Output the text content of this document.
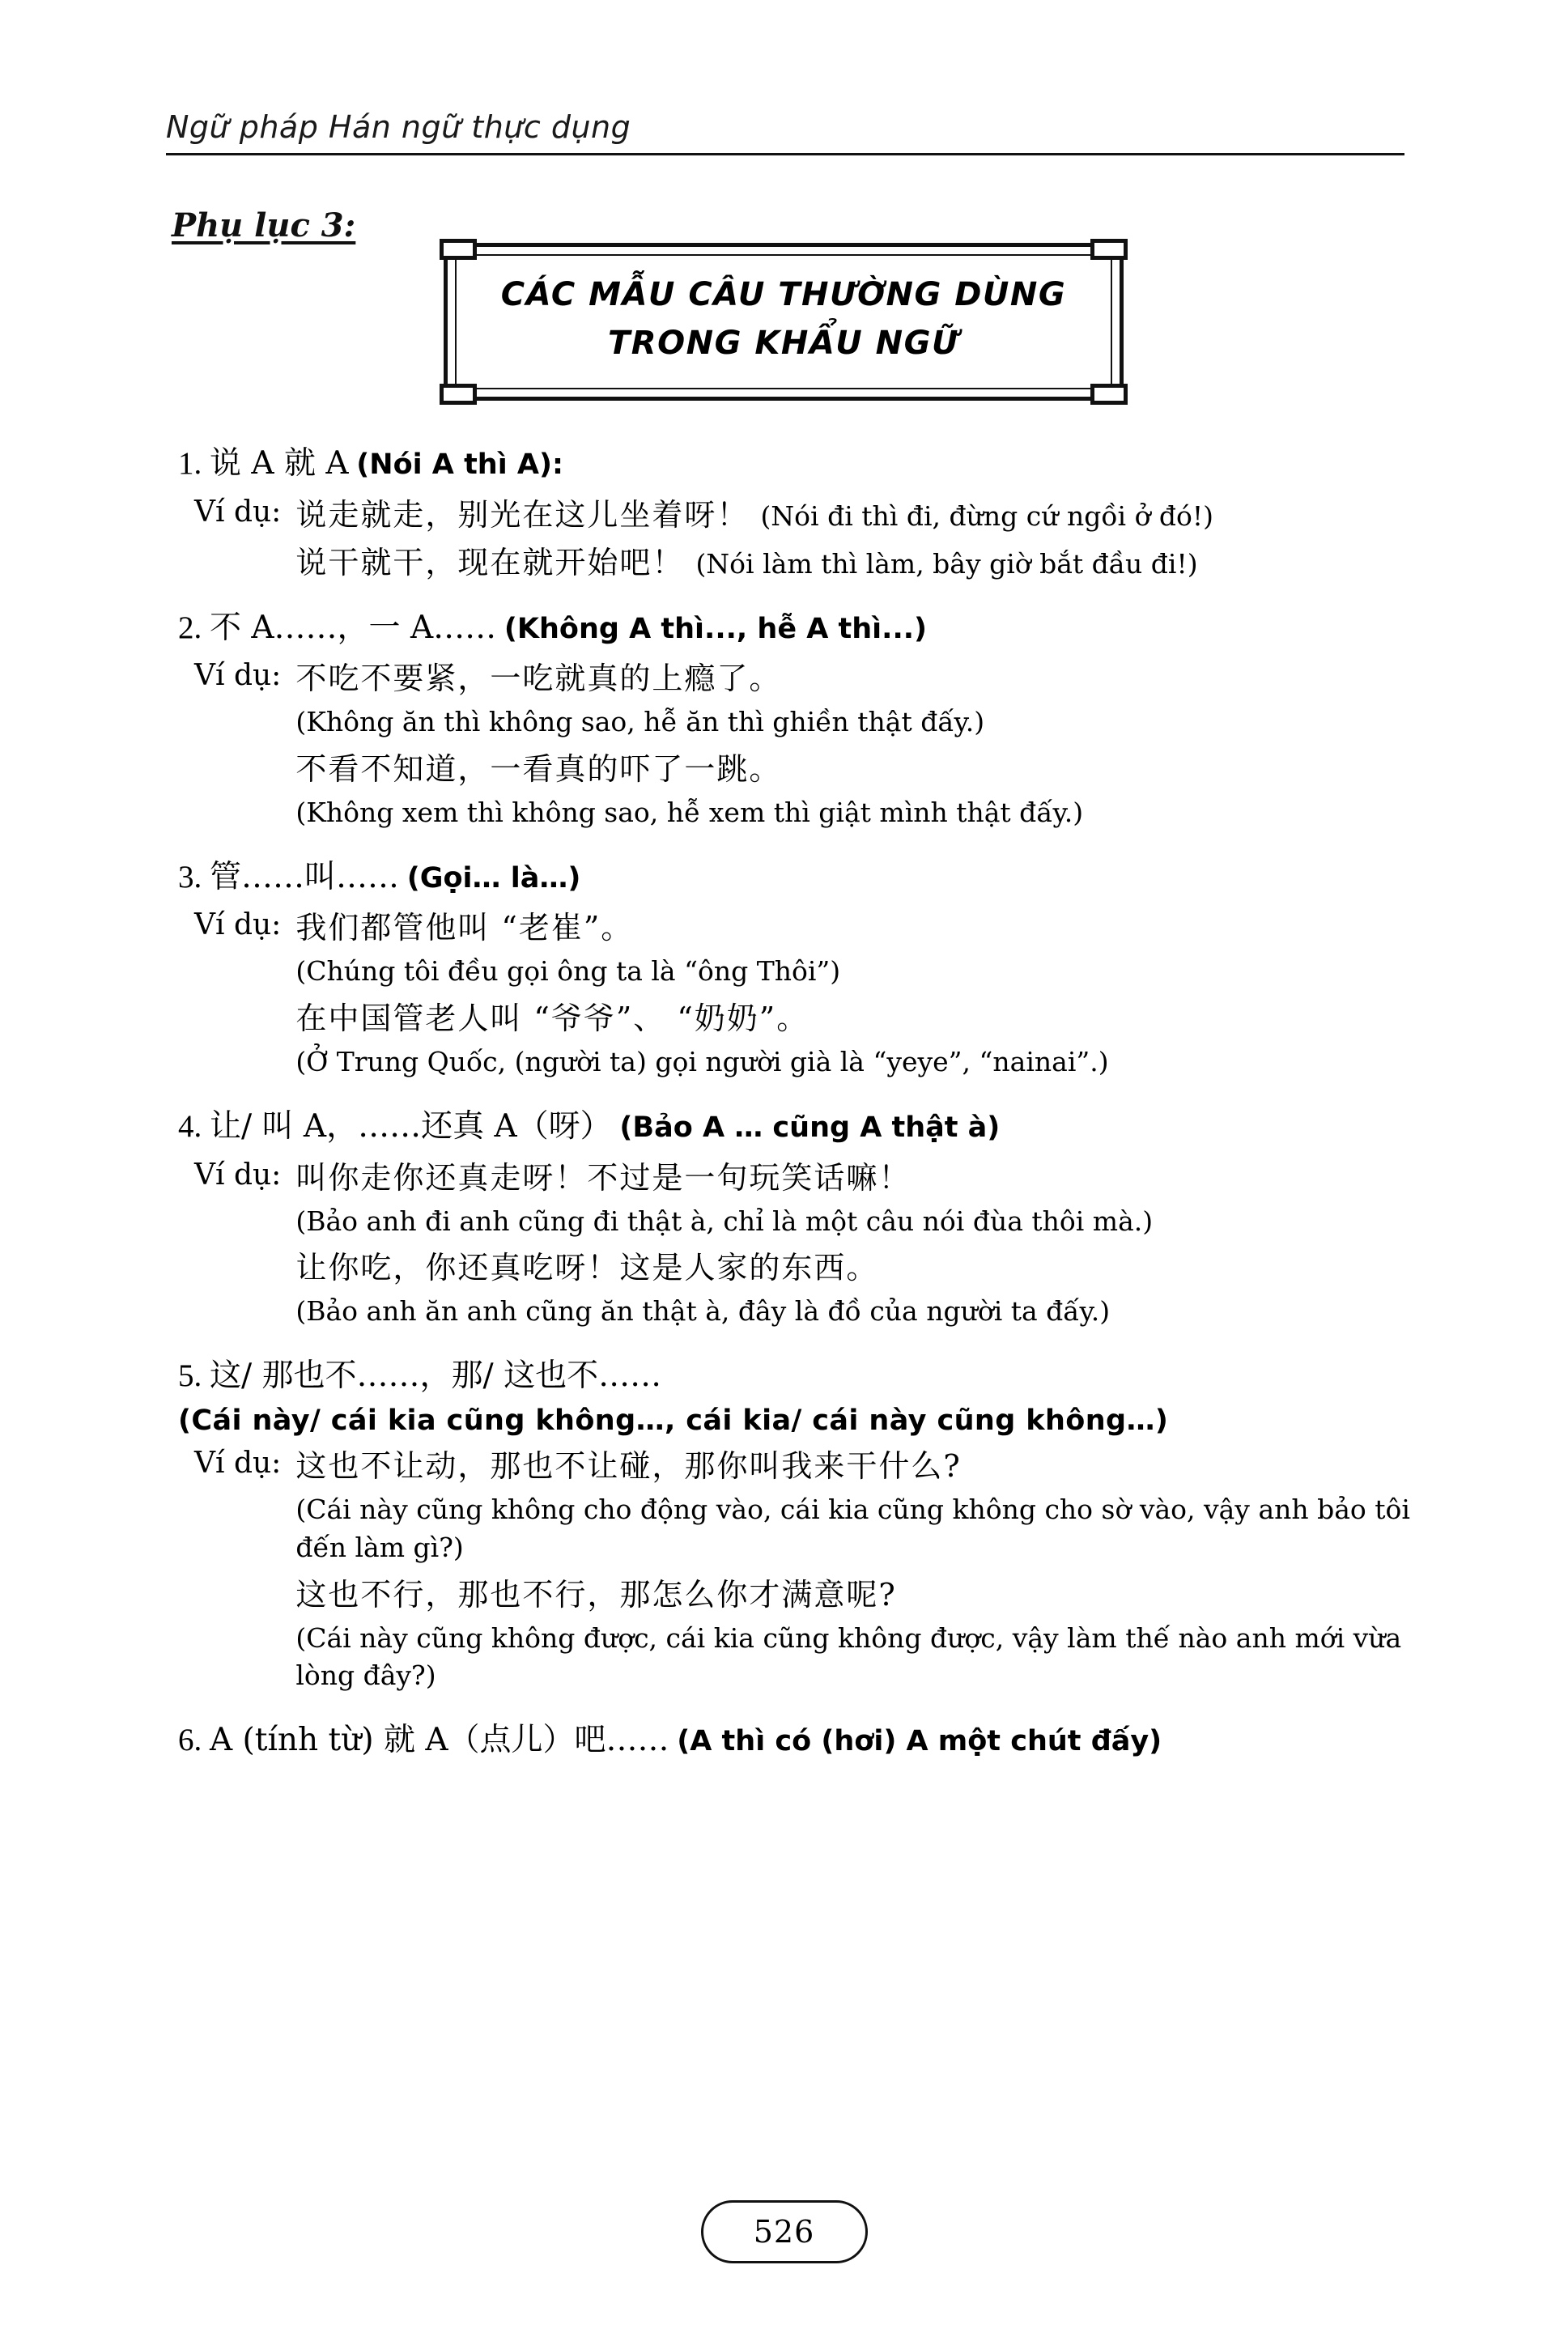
Ngữ pháp Hán ngữ thực dụng
Phụ lục 3:
CÁC MẪU CÂU THƯỜNG DÙNG
TRONG KHẨU NGỮ
1. 说 A 就 A (Nói A thì A):
Ví dụ: 说走就走，别光在这儿坐着呀！ (Nói đi thì đi, đừng cứ ngồi ở đó!)
说干就干，现在就开始吧！ (Nói làm thì làm, bây giờ bắt đầu đi!)
2. 不 A……，一 A…… (Không A thì..., hễ A thì...)
Ví dụ: 不吃不要紧，一吃就真的上瘾了。
(Không ăn thì không sao, hễ ăn thì ghiền thật đấy.)
不看不知道，一看真的吓了一跳。
(Không xem thì không sao, hễ xem thì giật mình thật đấy.)
3. 管……叫…… (Gọi… là…)
Ví dụ: 我们都管他叫 “老崔”。
(Chúng tôi đều gọi ông ta là “ông Thôi”)
在中国管老人叫 “爷爷”、 “奶奶”。
(Ở Trung Quốc, (người ta) gọi người già là “yeye”, “nainai”.)
4. 让/ 叫 A，……还真 A（呀） (Bảo A … cũng A thật à)
Ví dụ: 叫你走你还真走呀！不过是一句玩笑话嘛！
(Bảo anh đi anh cũng đi thật à, chỉ là một câu nói đùa thôi mà.)
让你吃，你还真吃呀！这是人家的东西。
(Bảo anh ăn anh cũng ăn thật à, đây là đồ của người ta đấy.)
5. 这/ 那也不……，那/ 这也不……
(Cái này/ cái kia cũng không…, cái kia/ cái này cũng không…)
Ví dụ: 这也不让动，那也不让碰，那你叫我来干什么?
(Cái này cũng không cho động vào, cái kia cũng không cho sờ vào, vậy anh bảo tôi đến làm gì?)
这也不行，那也不行，那怎么你才满意呢?
(Cái này cũng không được, cái kia cũng không được, vậy làm thế nào anh mới vừa lòng đây?)
6. A (tính từ) 就 A（点儿）吧…… (A thì có (hơi) A một chút đấy)
526
